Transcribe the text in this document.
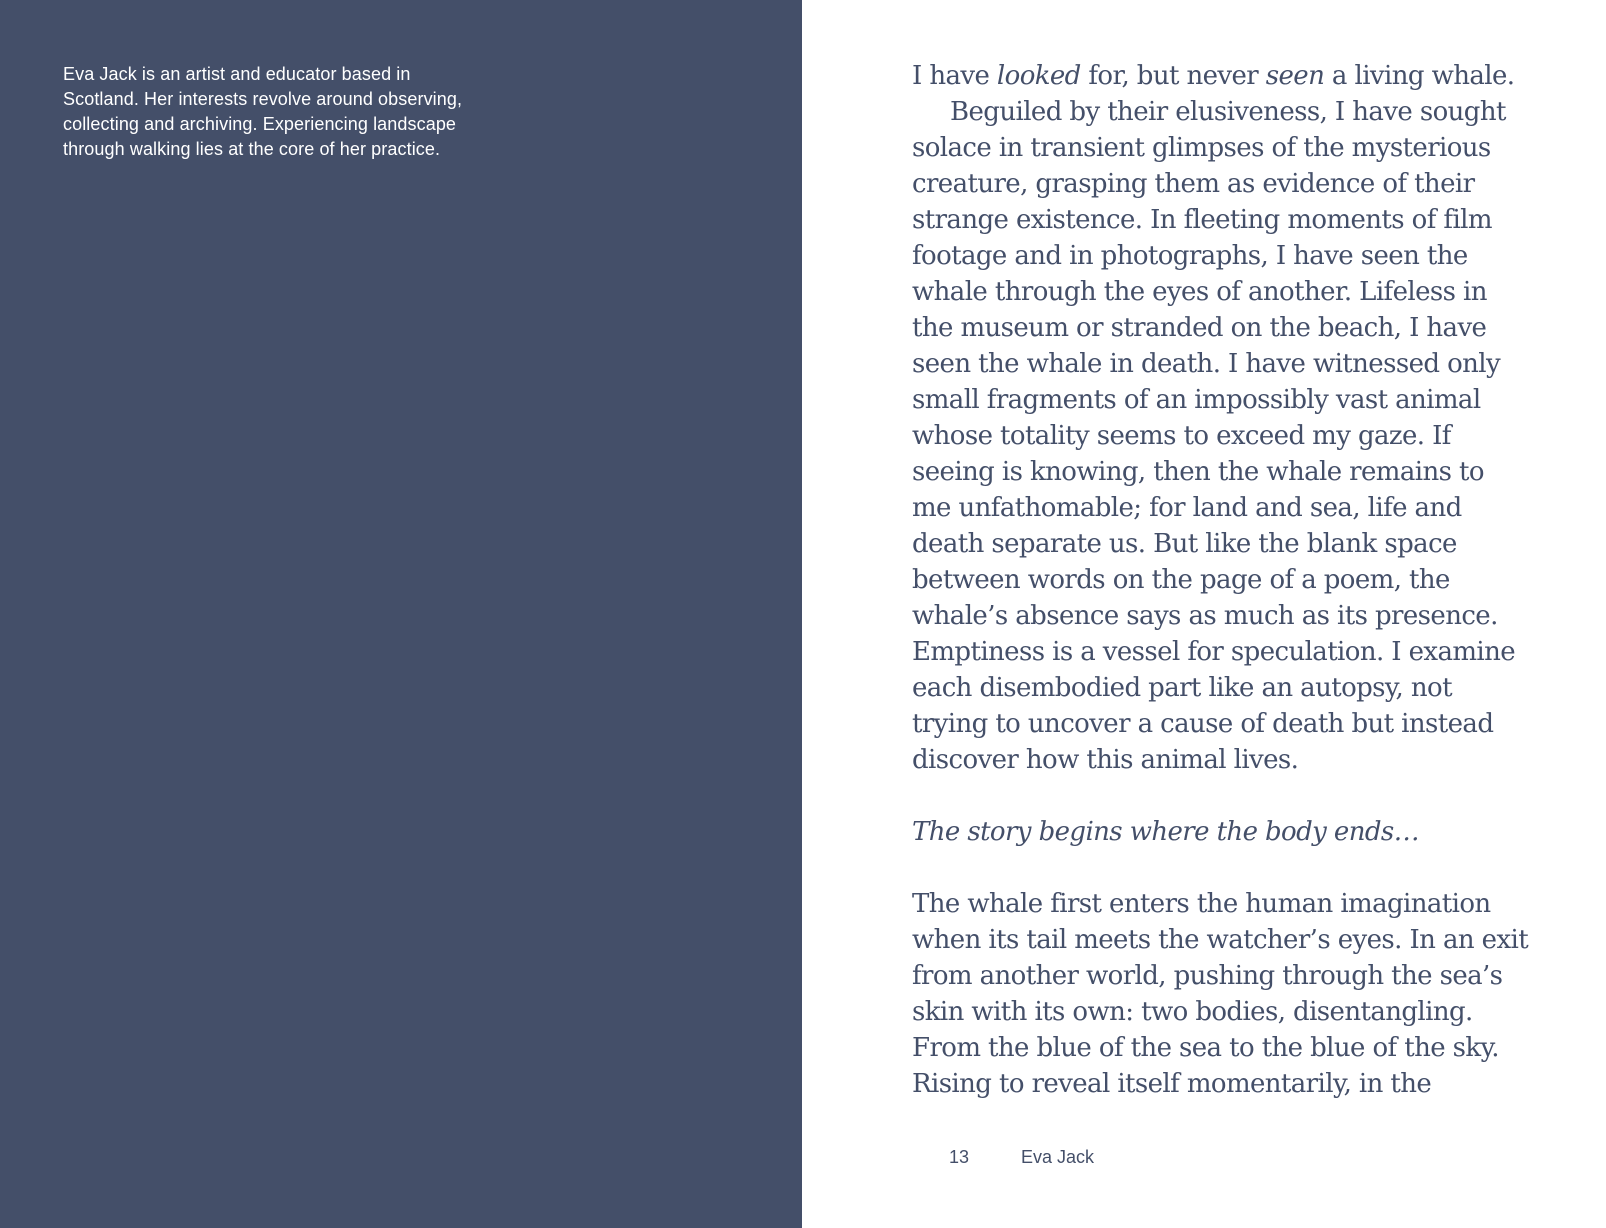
Eva Jack is an artist and educator based in
Scotland. Her interests revolve around observing,
collecting and archiving. Experiencing landscape
through walking lies at the core of her practice.

I have looked for, but never seen a living whale.
Beguiled by their elusiveness, I have sought
solace in transient glimpses of the mysterious
creature, grasping them as evidence of their
strange existence. In fleeting moments of film
footage and in photographs, I have seen the
whale through the eyes of another. Lifeless in
the museum or stranded on the beach, I have
seen the whale in death. I have witnessed only
small fragments of an impossibly vast animal
whose totality seems to exceed my gaze. If
seeing is knowing, then the whale remains to
me unfathomable; for land and sea, life and
death separate us. But like the blank space
between words on the page of a poem, the
whale’s absence says as much as its presence.
Emptiness is a vessel for speculation. I examine
each disembodied part like an autopsy, not
trying to uncover a cause of death but instead
discover how this animal lives.
The story begins where the body ends…
The whale first enters the human imagination
when its tail meets the watcher’s eyes. In an exit
from another world, pushing through the sea’s
skin with its own: two bodies, disentangling.
From the blue of the sea to the blue of the sky.
Rising to reveal itself momentarily, in the
13	Eva Jack
